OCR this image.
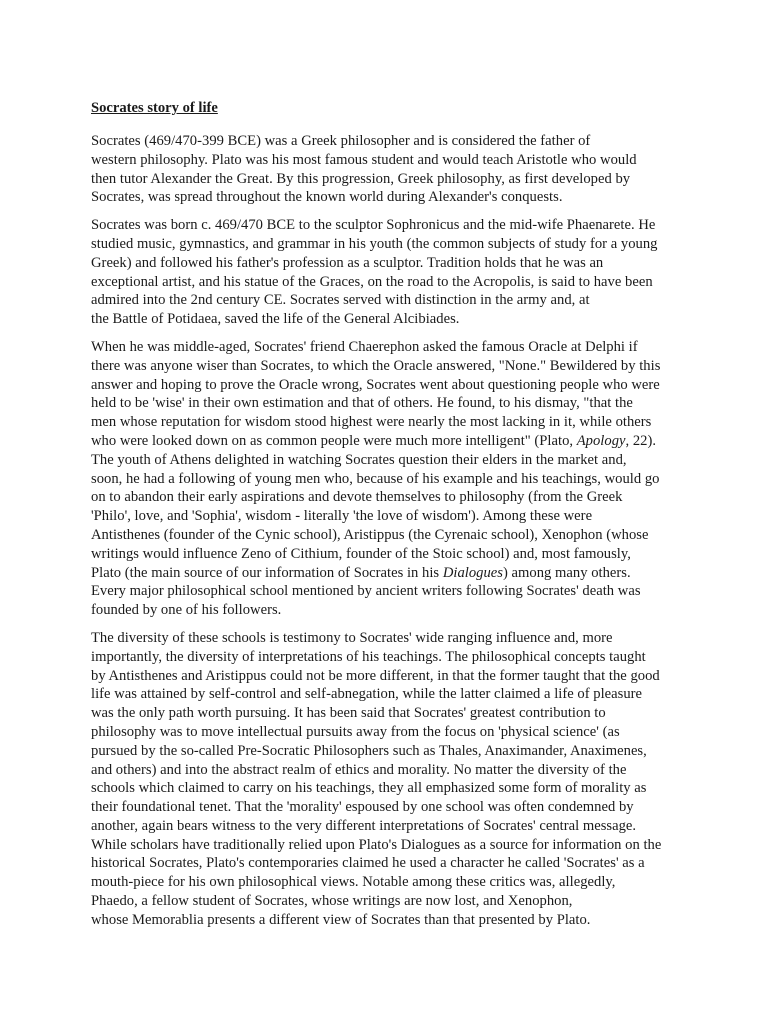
Socrates story of life

Socrates (469/470-399 BCE) was a Greek philosopher and is considered the father of
western philosophy. Plato was his most famous student and would teach Aristotle who would
then tutor Alexander the Great. By this progression, Greek philosophy, as first developed by
Socrates, was spread throughout the known world during Alexander's conquests.

Socrates was born c. 469/470 BCE to the sculptor Sophronicus and the mid-wife Phaenarete. He
studied music, gymnastics, and grammar in his youth (the common subjects of study for a young
Greek) and followed his father's profession as a sculptor. Tradition holds that he was an
exceptional artist, and his statue of the Graces, on the road to the Acropolis, is said to have been
admired into the 2nd century CE. Socrates served with distinction in the army and, at
the Battle of Potidaea, saved the life of the General Alcibiades.

When he was middle-aged, Socrates' friend Chaerephon asked the famous Oracle at Delphi if
there was anyone wiser than Socrates, to which the Oracle answered, "None." Bewildered by this
answer and hoping to prove the Oracle wrong, Socrates went about questioning people who were
held to be 'wise' in their own estimation and that of others. He found, to his dismay, "that the
men whose reputation for wisdom stood highest were nearly the most lacking in it, while others
who were looked down on as common people were much more intelligent" (Plato, Apology, 22).
The youth of Athens delighted in watching Socrates question their elders in the market and,
soon, he had a following of young men who, because of his example and his teachings, would go
on to abandon their early aspirations and devote themselves to philosophy (from the Greek
'Philo', love, and 'Sophia', wisdom - literally 'the love of wisdom'). Among these were
Antisthenes (founder of the Cynic school), Aristippus (the Cyrenaic school), Xenophon (whose
writings would influence Zeno of Cithium, founder of the Stoic school) and, most famously,
Plato (the main source of our information of Socrates in his Dialogues) among many others.
Every major philosophical school mentioned by ancient writers following Socrates' death was
founded by one of his followers.

The diversity of these schools is testimony to Socrates' wide ranging influence and, more
importantly, the diversity of interpretations of his teachings. The philosophical concepts taught
by Antisthenes and Aristippus could not be more different, in that the former taught that the good
life was attained by self-control and self-abnegation, while the latter claimed a life of pleasure
was the only path worth pursuing. It has been said that Socrates' greatest contribution to
philosophy was to move intellectual pursuits away from the focus on 'physical science' (as
pursued by the so-called Pre-Socratic Philosophers such as Thales, Anaximander, Anaximenes,
and others) and into the abstract realm of ethics and morality. No matter the diversity of the
schools which claimed to carry on his teachings, they all emphasized some form of morality as
their foundational tenet. That the 'morality' espoused by one school was often condemned by
another, again bears witness to the very different interpretations of Socrates' central message.
While scholars have traditionally relied upon Plato's Dialogues as a source for information on the
historical Socrates, Plato's contemporaries claimed he used a character he called 'Socrates' as a
mouth-piece for his own philosophical views. Notable among these critics was, allegedly,
Phaedo, a fellow student of Socrates, whose writings are now lost, and Xenophon,
whose Memorablia presents a different view of Socrates than that presented by Plato.
